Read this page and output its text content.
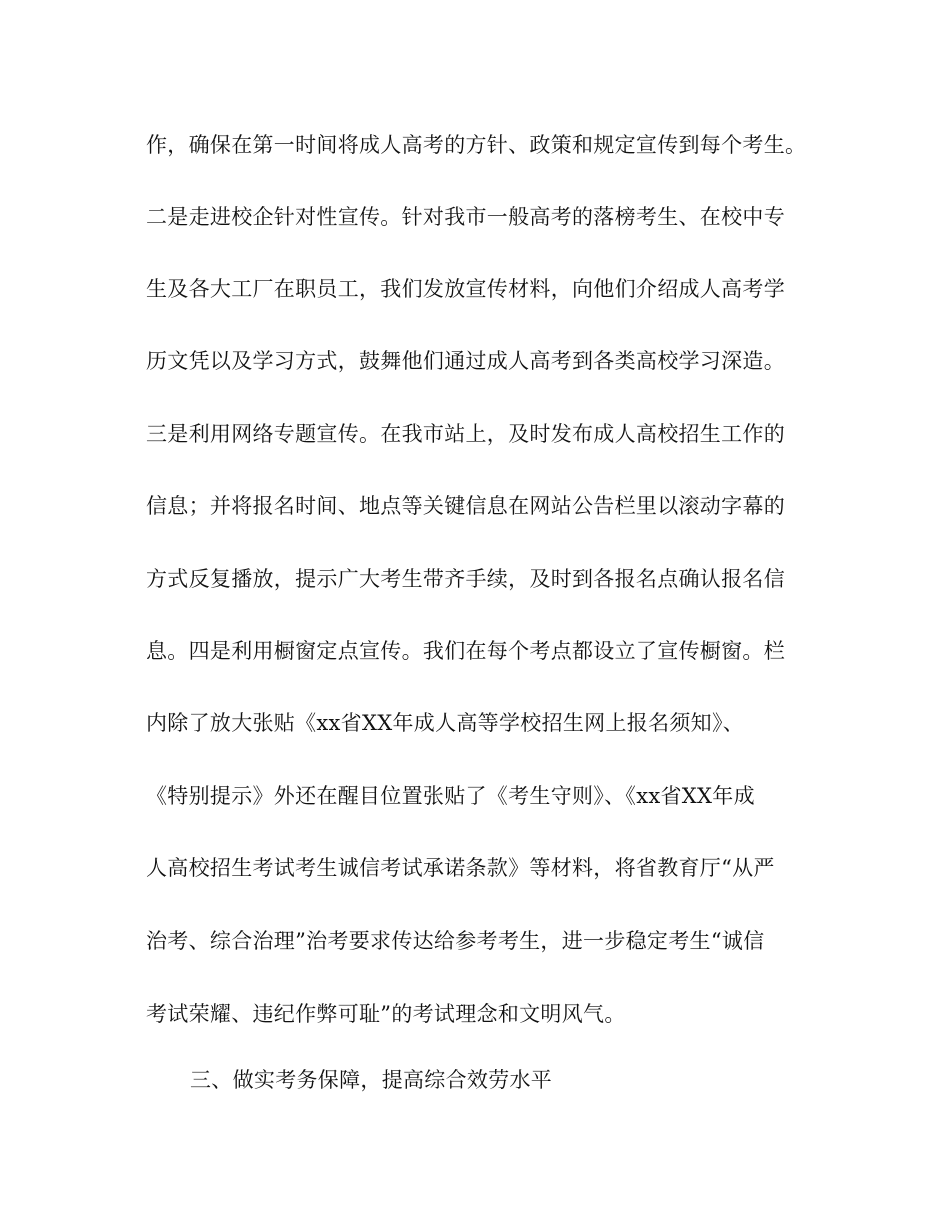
作，确保在第一时间将成人高考的方针、政策和规定宣传到每个考生。
二是走进校企针对性宣传。针对我市一般高考的落榜考生、在校中专
生及各大工厂在职员工，我们发放宣传材料，向他们介绍成人高考学
历文凭以及学习方式，鼓舞他们通过成人高考到各类高校学习深造。
三是利用网络专题宣传。在我市站上，及时发布成人高校招生工作的
信息；并将报名时间、地点等关键信息在网站公告栏里以滚动字幕的
方式反复播放，提示广大考生带齐手续，及时到各报名点确认报名信
息。四是利用橱窗定点宣传。我们在每个考点都设立了宣传橱窗。栏
内除了放大张贴《xx省XX年成人高等学校招生网上报名须知》、
《特别提示》外还在醒目位置张贴了《考生守则》、《xx省XX年成
人高校招生考试考生诚信考试承诺条款》等材料，将省教育厅“从严
治考、综合治理”治考要求传达给参考考生，进一步稳定考生“诚信
考试荣耀、违纪作弊可耻”的考试理念和文明风气。
三、做实考务保障，提高综合效劳水平
